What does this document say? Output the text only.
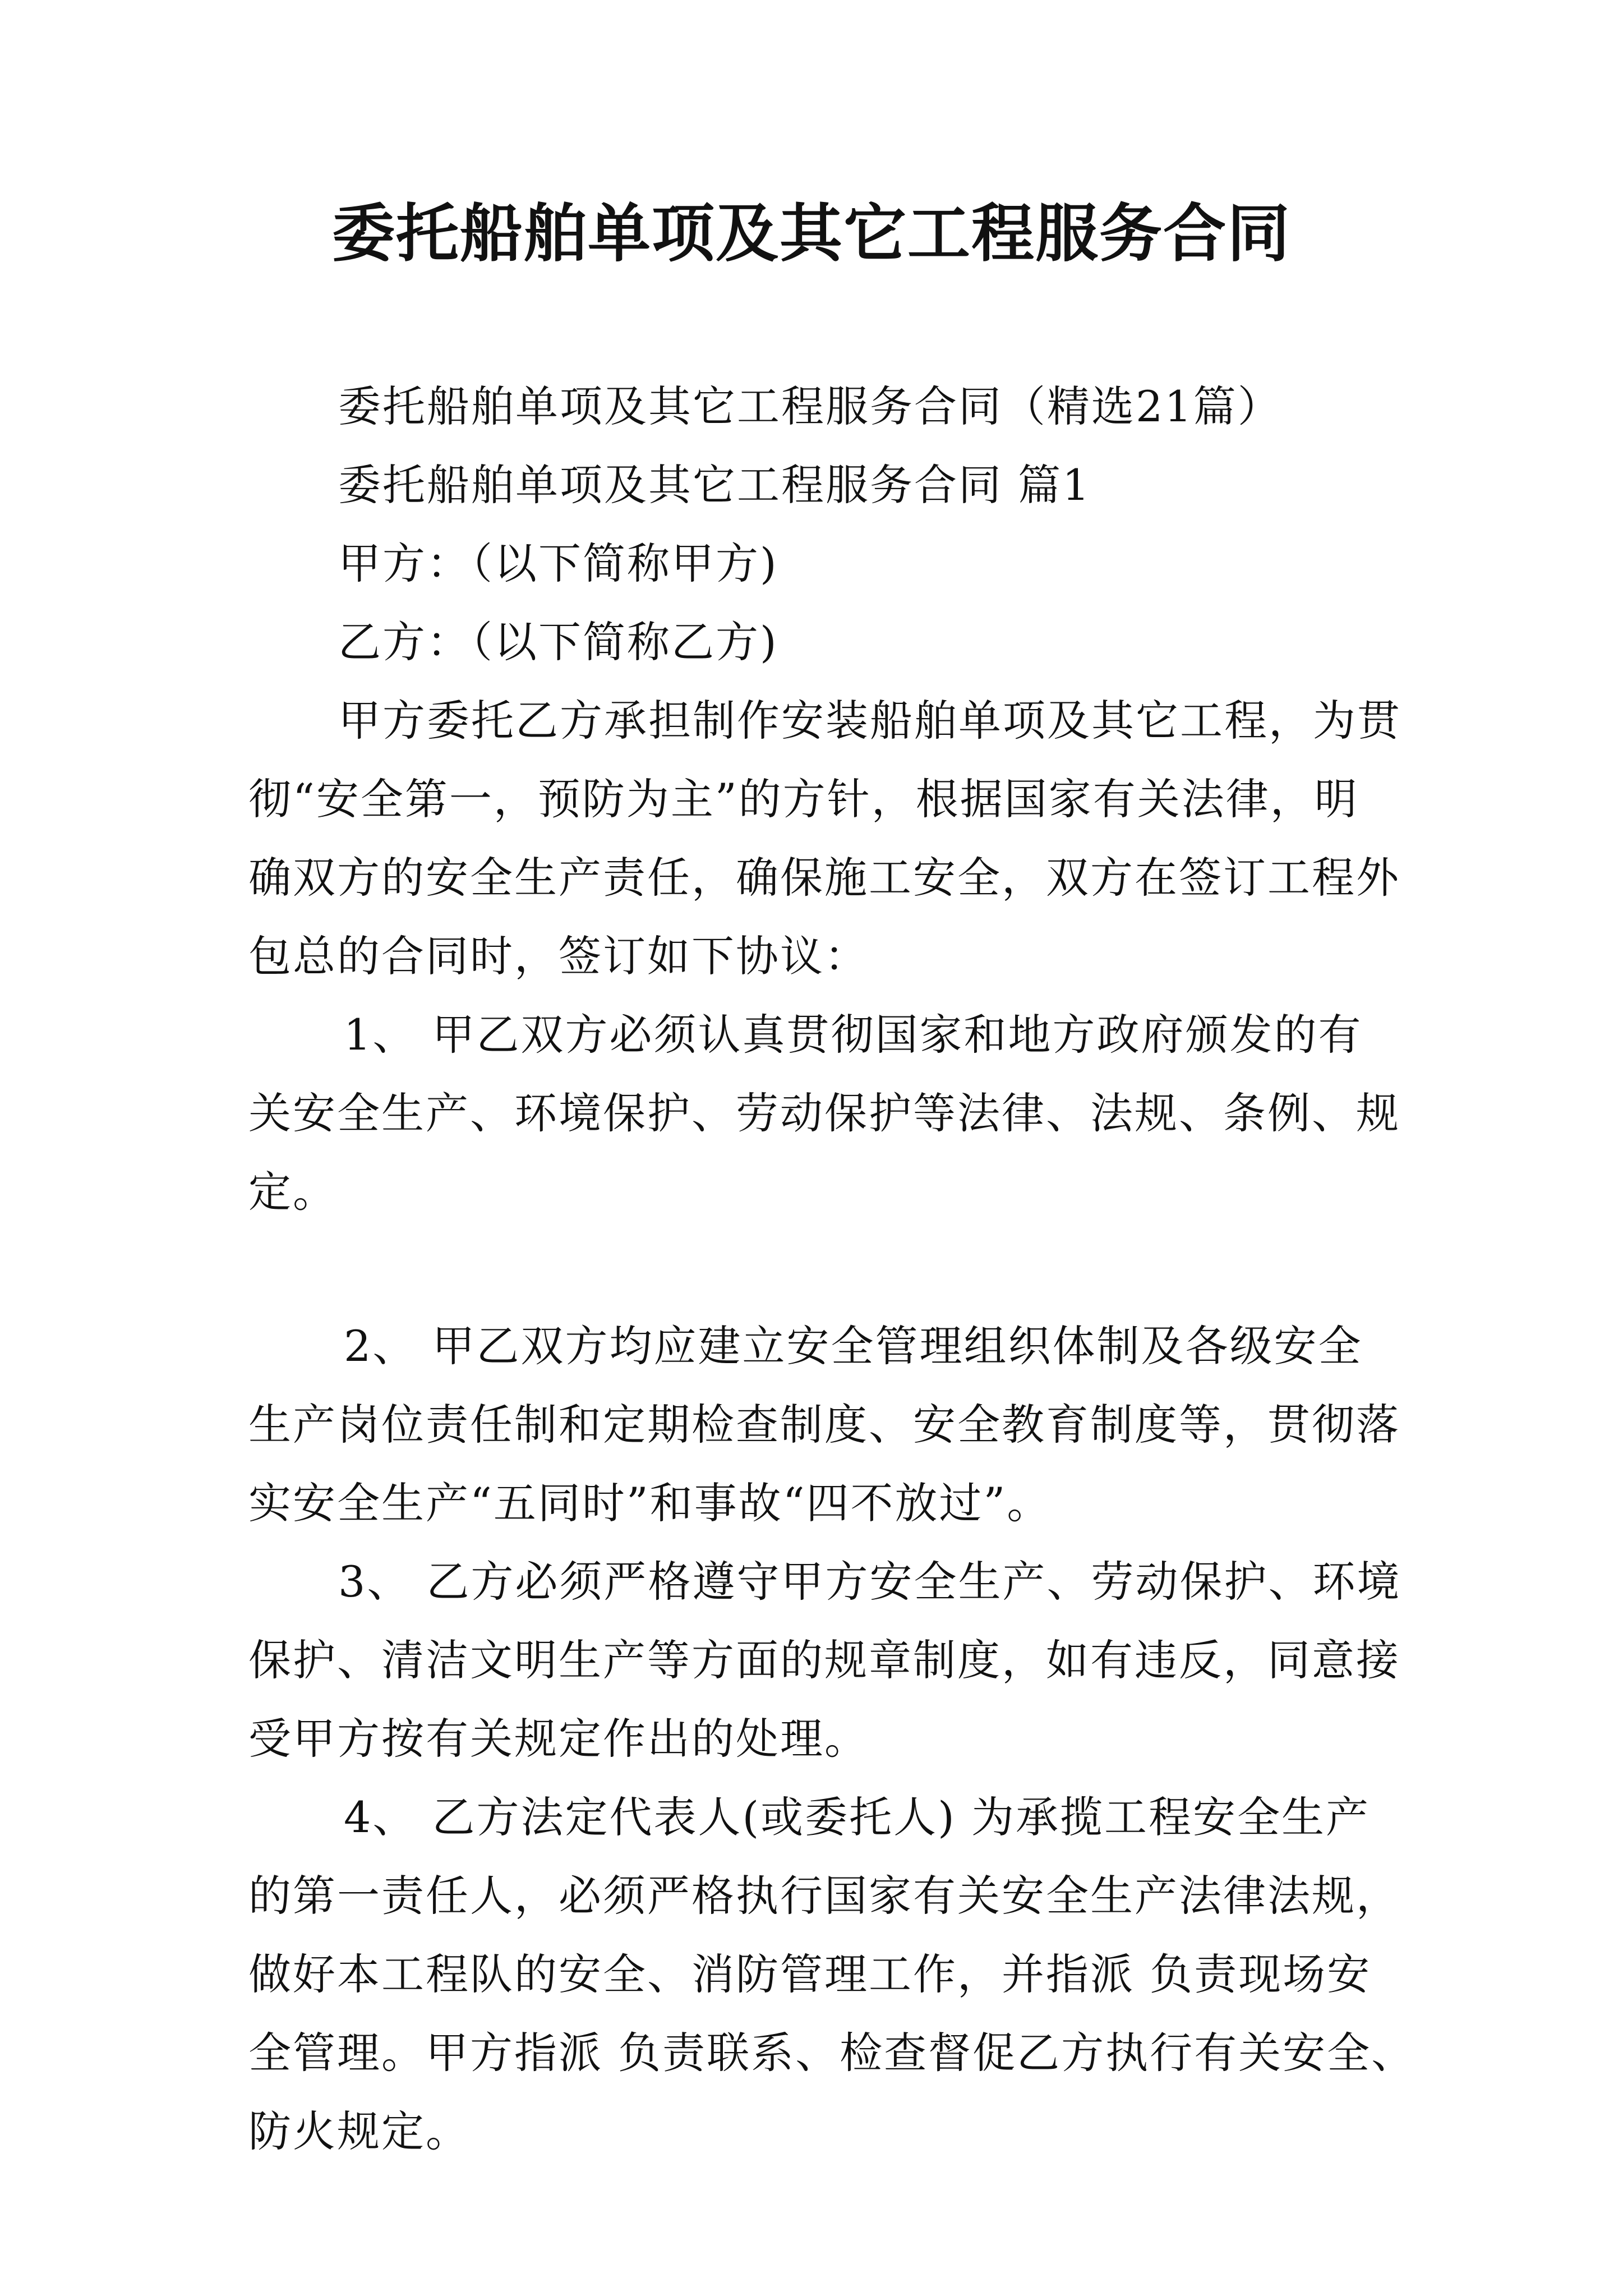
委托船舶单项及其它工程服务合同
委托船舶单项及其它工程服务合同（精选21篇）
委托船舶单项及其它工程服务合同 篇1
甲方：（以下简称甲方)
乙方：（以下简称乙方)
甲方委托乙方承担制作安装船舶单项及其它工程，为贯
彻“安全第一，预防为主”的方针，根据国家有关法律，明
确双方的安全生产责任，确保施工安全，双方在签订工程外
包总的合同时，签订如下协议：
1、 甲乙双方必须认真贯彻国家和地方政府颁发的有
关安全生产、环境保护、劳动保护等法律、法规、条例、规
定。
2、 甲乙双方均应建立安全管理组织体制及各级安全
生产岗位责任制和定期检查制度、安全教育制度等，贯彻落
实安全生产“五同时”和事故“四不放过”。
3、 乙方必须严格遵守甲方安全生产、劳动保护、环境
保护、清洁文明生产等方面的规章制度，如有违反，同意接
受甲方按有关规定作出的处理。
4、 乙方法定代表人(或委托人) 为承揽工程安全生产
的第一责任人，必须严格执行国家有关安全生产法律法规，
做好本工程队的安全、消防管理工作，并指派 负责现场安
全管理。甲方指派 负责联系、检查督促乙方执行有关安全、
防火规定。
